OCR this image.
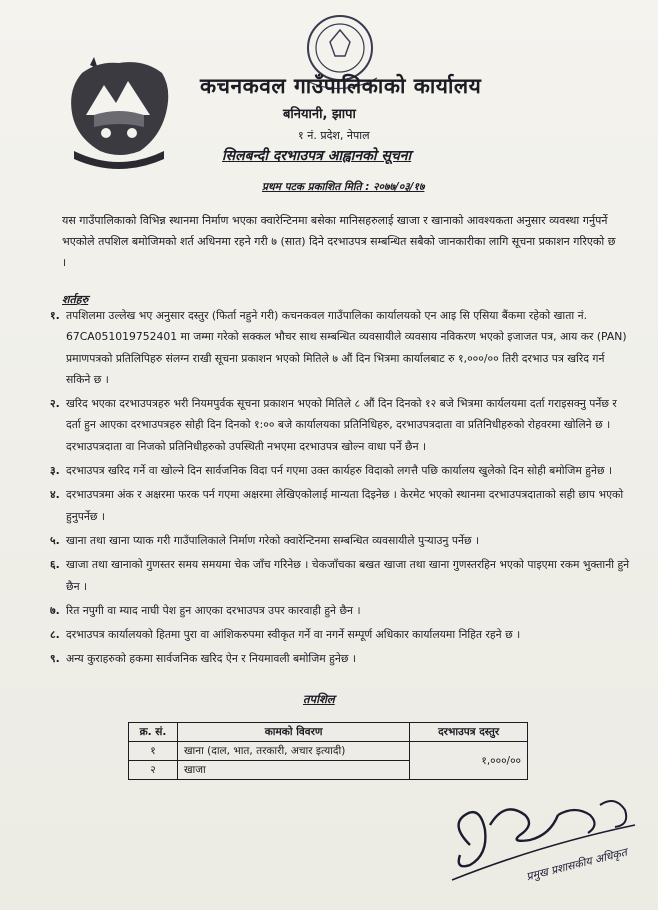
कचनकवल गाउँपालिकाको कार्यालय
बनियानी, झापा
१ नं. प्रदेश, नेपाल
सिलबन्दी दरभाउपत्र आह्वानको सूचना
प्रथम पटक प्रकाशित मिति : २०७७/०३/१७
यस गाउँपालिकाको विभिन्न स्थानमा निर्माण भएका क्वारेन्टिनमा बसेका मानिसहरुलाई खाजा र खानाको आवश्यकता अनुसार व्यवस्था गर्नुपर्ने भएकोले तपशिल बमोजिमको शर्त अधिनमा रहने गरी ७ (सात) दिने दरभाउपत्र सम्बन्धित सबैको जानकारीका लागि सूचना प्रकाशन गरिएको छ ।
शर्तहरु
१. तपशिलमा उल्लेख भए अनुसार दस्तुर (फिर्ता नहुने गरी) कचनकवल गाउँपालिका कार्यालयको एन आइ सि एसिया बैंकमा रहेको खाता नं. 67CA051019752401 मा जम्मा गरेको सक्कल भौचर साथ सम्बन्धित व्यवसायीले व्यवसाय नविकरण भएको इजाजत पत्र, आय कर (PAN) प्रमाणपत्रको प्रतिलिपिहरु संलग्न राखी सूचना प्रकाशन भएको मितिले ७ औं दिन भित्रमा कार्यालबाट रु १,०००/०० तिरी दरभाउ पत्र खरिद गर्न सकिने छ ।
२. खरिद भएका दरभाउपत्रहरु भरी नियमपुर्वक सूचना प्रकाशन भएको मितिले ८ औं दिन दिनको १२ बजे भित्रमा कार्यलयमा दर्ता गराइसक्नु पर्नेछ र दर्ता हुन आएका दरभाउपत्रहरु सोही दिन दिनको १:०० बजे कार्यालयका प्रतिनिधिहरु, दरभाउपत्रदाता वा प्रतिनिधीहरुको रोहवरमा खोलिने छ । दरभाउपत्रदाता वा निजको प्रतिनिधीहरुको उपस्थिती नभएमा दरभाउपत्र खोल्न वाधा पर्ने छैन ।
३. दरभाउपत्र खरिद गर्ने वा खोल्ने दिन सार्वजनिक विदा पर्न गएमा उक्त कार्यहरु विदाको लगत्तै पछि कार्यालय खुलेको दिन सोही बमोजिम हुनेछ ।
४. दरभाउपत्रमा अंक र अक्षरमा फरक पर्न गएमा अक्षरमा लेखिएकोलाई मान्यता दिइनेछ । केरमेट भएको स्थानमा दरभाउपत्रदाताको सही छाप भएको हुनुपर्नेछ ।
५. खाना तथा खाना प्याक गरी गाउँपालिकाले निर्माण गरेको क्वारेन्टिनमा सम्बन्धित व्यवसायीले पुऱ्याउनु पर्नेछ ।
६. खाजा तथा खानाको गुणस्तर समय समयमा चेक जाँच गरिनेछ । चेकजाँचका बखत खाजा तथा खाना गुणस्तरहिन भएको पाइएमा रकम भुक्तानी हुने छैन ।
७. रित नपुगी वा म्याद नाघी पेश हुन आएका दरभाउपत्र उपर कारवाही हुने छैन ।
८. दरभाउपत्र कार्यालयको हितमा पुरा वा आंशिकरुपमा स्वीकृत गर्ने वा नगर्ने सम्पूर्ण अधिकार कार्यालयमा निहित रहने छ ।
९. अन्य कुराहरुको हकमा सार्वजनिक खरिद ऐन र नियमावली बमोजिम हुनेछ ।
तपशिल
क्र. सं.	कामको विवरण	दरभाउपत्र दस्तुर
१	खाना (दाल, भात, तरकारी, अचार इत्यादी)	१,०००/००
२	खाजा	
प्रमुख प्रशासकीय अधिकृत
